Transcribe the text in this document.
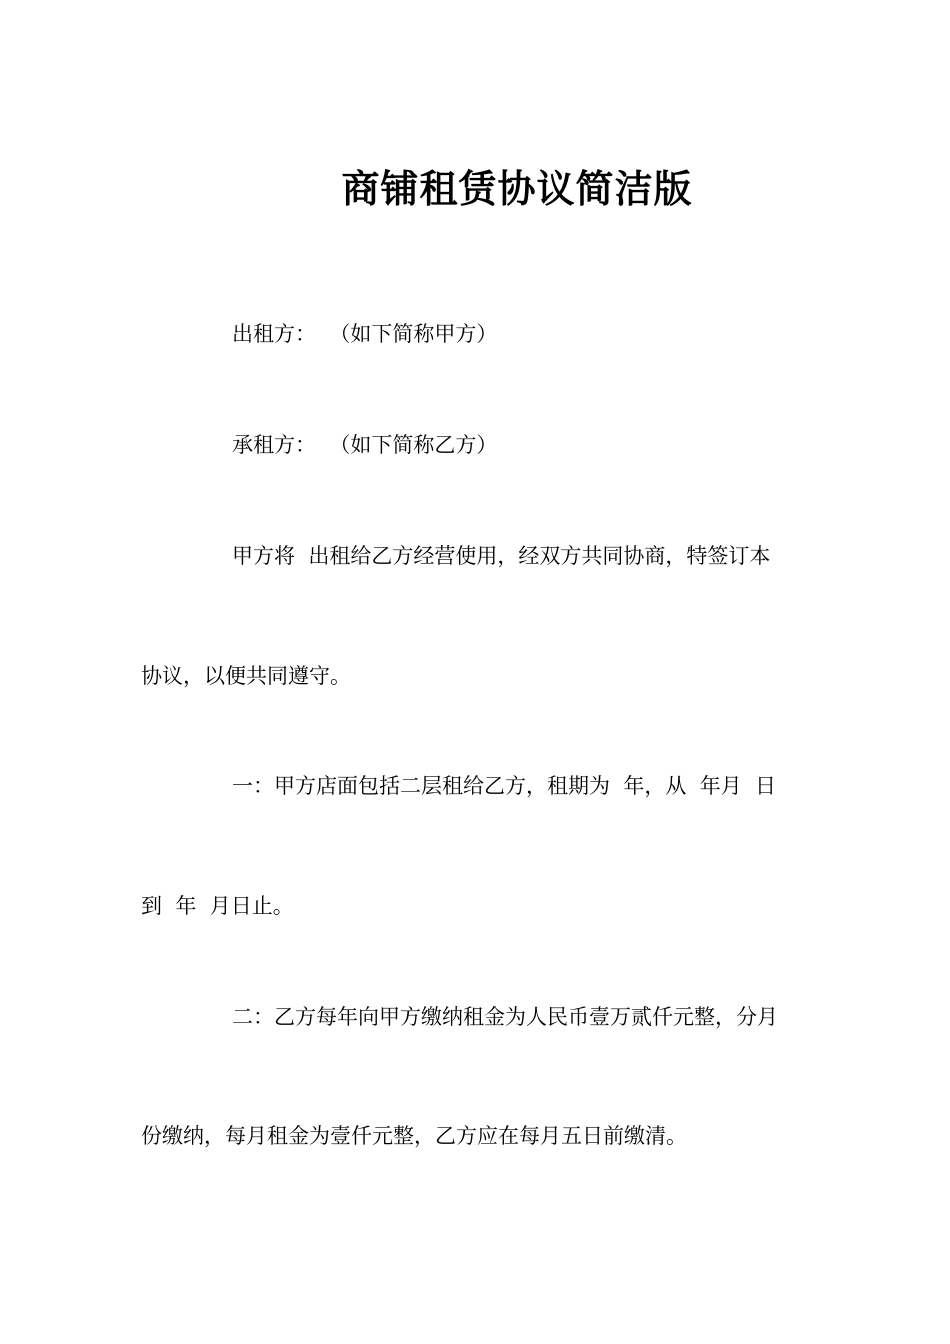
商铺租赁协议简洁版
出租方：  （如下简称甲方）
承租方：  （如下简称乙方）
甲方将  出租给乙方经营使用，经双方共同协商，特签订本
协议，以便共同遵守。
一：甲方店面包括二层租给乙方，租期为  年，从  年月  日
到  年  月日止。
二：乙方每年向甲方缴纳租金为人民币壹万贰仟元整，分月
份缴纳，每月租金为壹仟元整，乙方应在每月五日前缴清。
